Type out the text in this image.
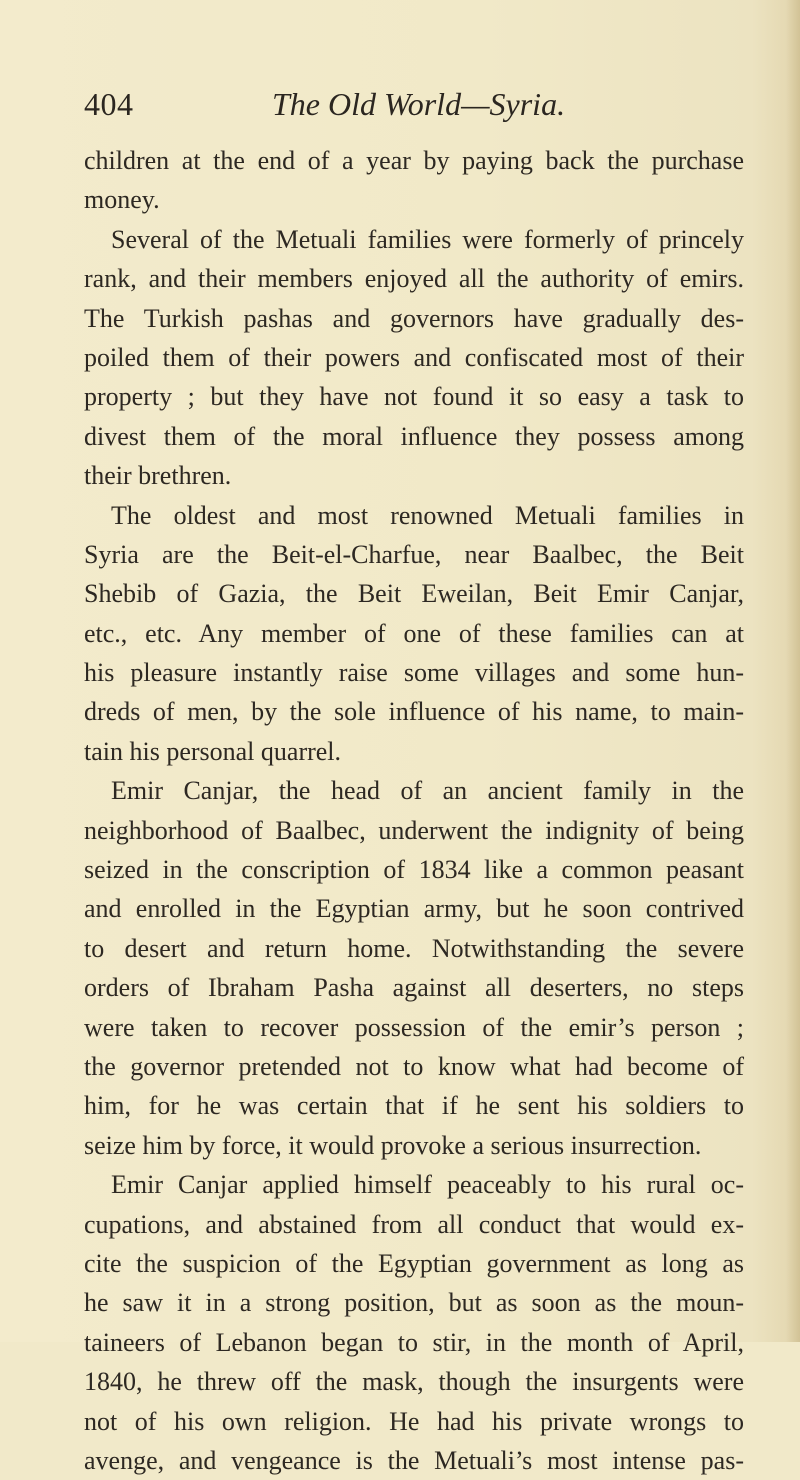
404	The Old World—Syria.
children at the end of a year by paying back the purchase
money.
Several of the Metuali families were formerly of princely
rank, and their members enjoyed all the authority of emirs.
The Turkish pashas and governors have gradually des-
poiled them of their powers and confiscated most of their
property ; but they have not found it so easy a task to
divest them of the moral influence they possess among
their brethren.
The oldest and most renowned Metuali families in
Syria are the Beit-el-Charfue, near Baalbec, the Beit
Shebib of Gazia, the Beit Eweilan, Beit Emir Canjar,
etc., etc. Any member of one of these families can at
his pleasure instantly raise some villages and some hun-
dreds of men, by the sole influence of his name, to main-
tain his personal quarrel.
Emir Canjar, the head of an ancient family in the
neighborhood of Baalbec, underwent the indignity of being
seized in the conscription of 1834 like a common peasant
and enrolled in the Egyptian army, but he soon contrived
to desert and return home. Notwithstanding the severe
orders of Ibraham Pasha against all deserters, no steps
were taken to recover possession of the emir’s person ;
the governor pretended not to know what had become of
him, for he was certain that if he sent his soldiers to
seize him by force, it would provoke a serious insurrection.
Emir Canjar applied himself peaceably to his rural oc-
cupations, and abstained from all conduct that would ex-
cite the suspicion of the Egyptian government as long as
he saw it in a strong position, but as soon as the moun-
taineers of Lebanon began to stir, in the month of April,
1840, he threw off the mask, though the insurgents were
not of his own religion. He had his private wrongs to
avenge, and vengeance is the Metuali’s most intense pas-
